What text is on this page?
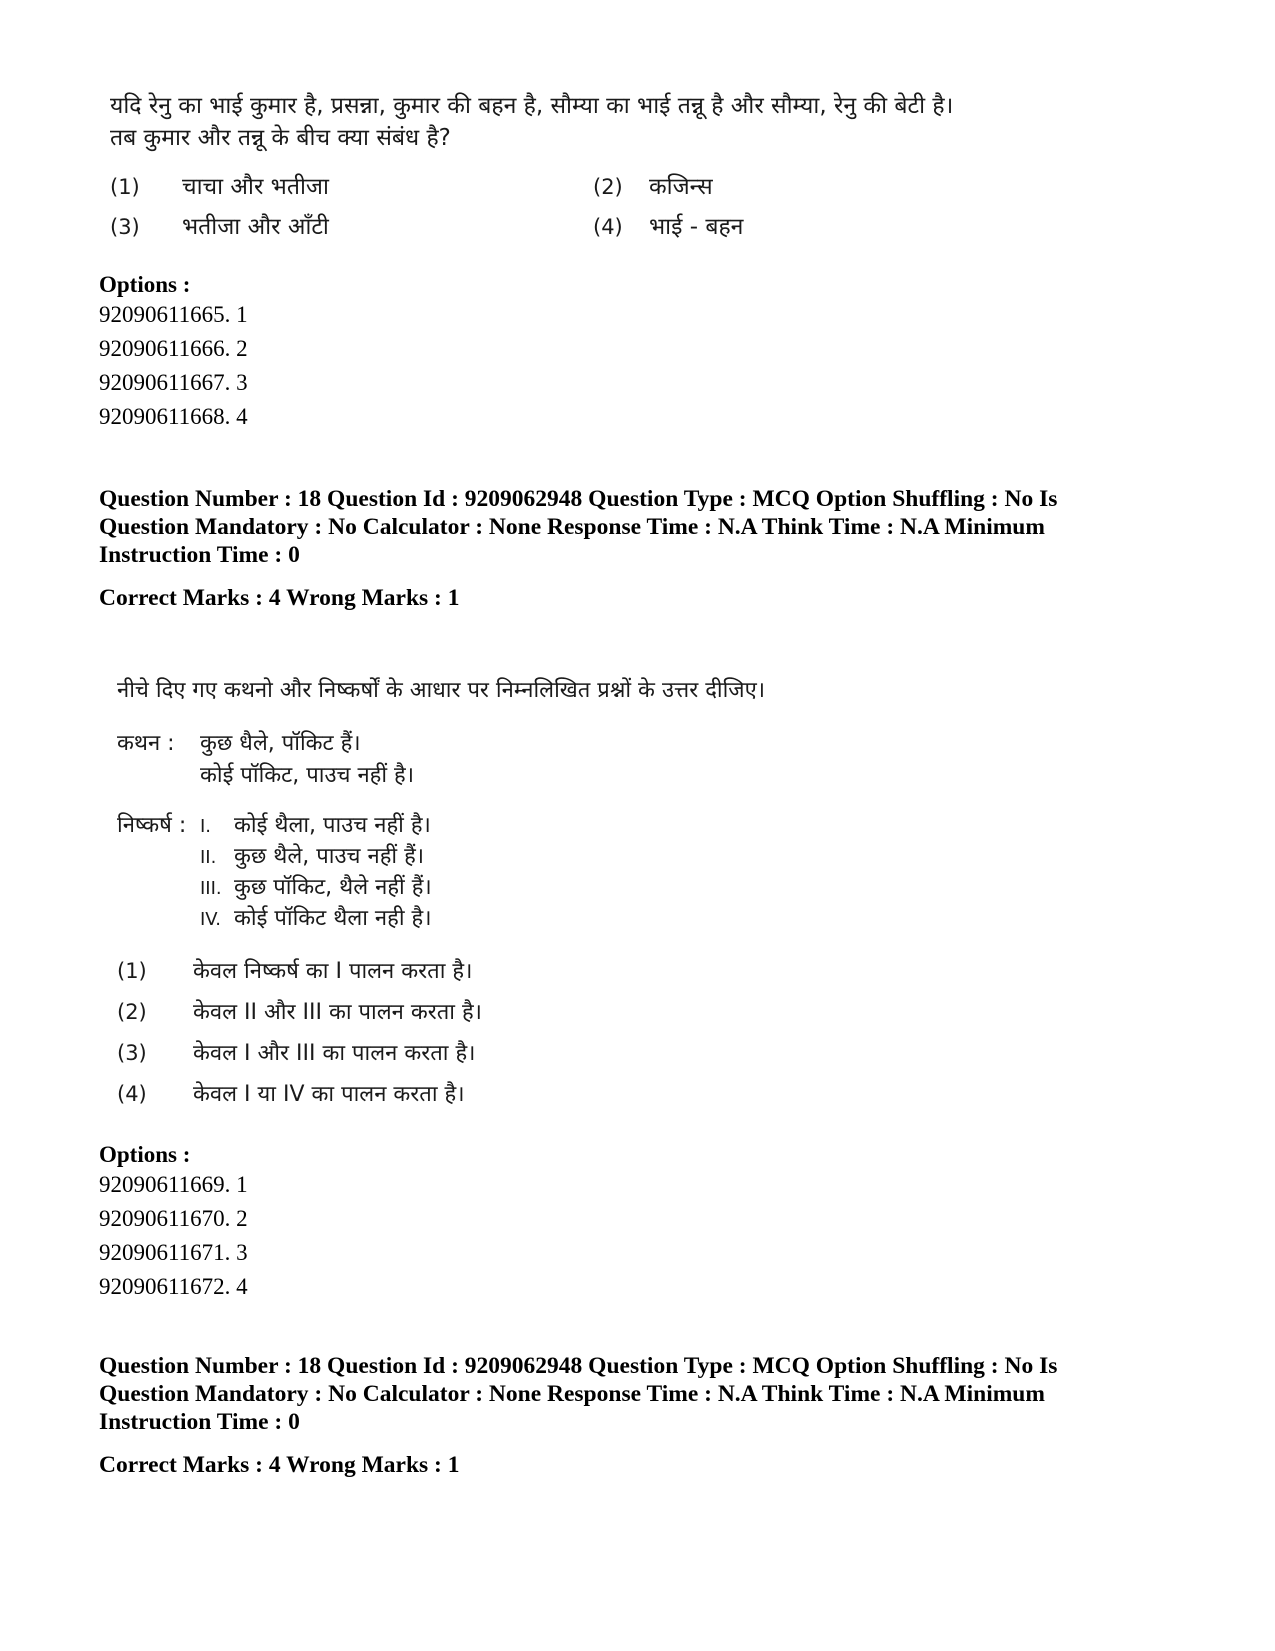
यदि रेनु का भाई कुमार है, प्रसन्ना, कुमार की बहन है, सौम्या का भाई तन्नू है और सौम्या, रेनु की बेटी है।
तब कुमार और तन्नू के बीच क्या संबंध है?
(1) चाचा और भतीजा	(2) कजिन्स
(3) भतीजा और आँटी	(4) भाई - बहन
Options :
92090611665. 1
92090611666. 2
92090611667. 3
92090611668. 4
Question Number : 18 Question Id : 9209062948 Question Type : MCQ Option Shuffling : No Is
Question Mandatory : No Calculator : None Response Time : N.A Think Time : N.A Minimum
Instruction Time : 0
Correct Marks : 4 Wrong Marks : 1
नीचे दिए गए कथनो और निष्कर्षों के आधार पर निम्नलिखित प्रश्नों के उत्तर दीजिए।
कथन : कुछ धैले, पॉकिट हैं।
कोई पॉकिट, पाउच नहीं है।
निष्कर्ष : I. कोई थैला, पाउच नहीं है।
II. कुछ थैले, पाउच नहीं हैं।
III. कुछ पॉकिट, थैले नहीं हैं।
IV. कोई पॉकिट थैला नही है।
(1) केवल निष्कर्ष का I पालन करता है।
(2) केवल II और III का पालन करता है।
(3) केवल I और III का पालन करता है।
(4) केवल I या IV का पालन करता है।
Options :
92090611669. 1
92090611670. 2
92090611671. 3
92090611672. 4
Question Number : 18 Question Id : 9209062948 Question Type : MCQ Option Shuffling : No Is
Question Mandatory : No Calculator : None Response Time : N.A Think Time : N.A Minimum
Instruction Time : 0
Correct Marks : 4 Wrong Marks : 1
